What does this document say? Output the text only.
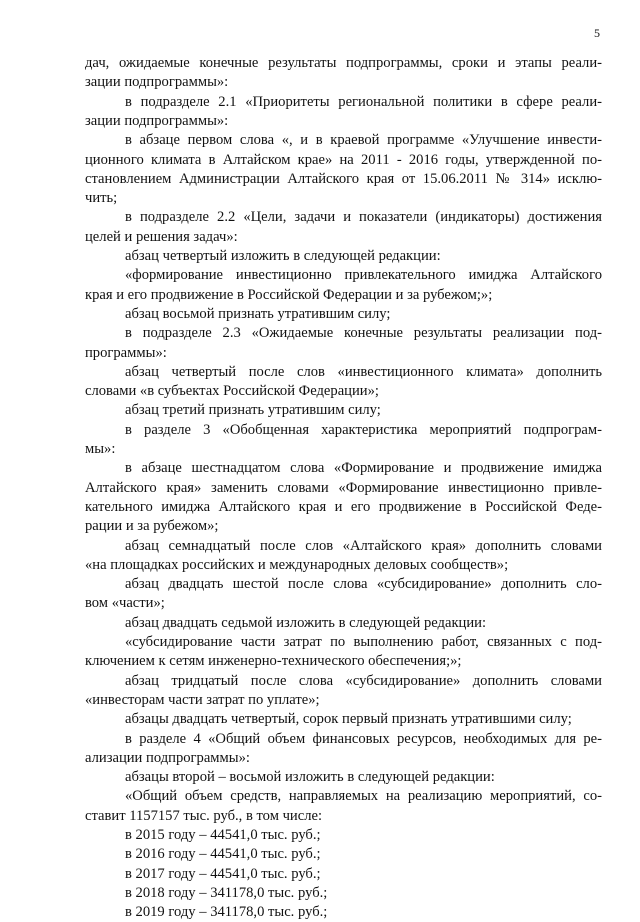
5
дач, ожидаемые конечные результаты подпрограммы, сроки и этапы реали-
зации подпрограммы»:
в подразделе 2.1 «Приоритеты региональной политики в сфере реали-
зации подпрограммы»:
в абзаце первом слова «, и в краевой программе «Улучшение инвести-
ционного климата в Алтайском крае» на 2011 - 2016 годы, утвержденной по-
становлением Администрации Алтайского края от 15.06.2011 № 314» исклю-
чить;
в подразделе 2.2 «Цели, задачи и показатели (индикаторы) достижения
целей и решения задач»:
абзац четвертый изложить в следующей редакции:
«формирование инвестиционно привлекательного имиджа Алтайского
края и его продвижение в Российской Федерации и за рубежом;»;
абзац восьмой признать утратившим силу;
в подразделе 2.3 «Ожидаемые конечные результаты реализации под-
программы»:
абзац четвертый после слов «инвестиционного климата» дополнить
словами «в субъектах Российской Федерации»;
абзац третий признать утратившим силу;
в разделе 3 «Обобщенная характеристика мероприятий подпрограм-
мы»:
в абзаце шестнадцатом слова «Формирование и продвижение имиджа
Алтайского края» заменить словами «Формирование инвестиционно привле-
кательного имиджа Алтайского края и его продвижение в Российской Феде-
рации и за рубежом»;
абзац семнадцатый после слов «Алтайского края» дополнить словами
«на площадках российских и международных деловых сообществ»;
абзац двадцать шестой после слова «субсидирование» дополнить сло-
вом «части»;
абзац двадцать седьмой изложить в следующей редакции:
«субсидирование части затрат по выполнению работ, связанных с под-
ключением к сетям инженерно-технического обеспечения;»;
абзац тридцатый после слова «субсидирование» дополнить словами
«инвесторам части затрат по уплате»;
абзацы двадцать четвертый, сорок первый признать утратившими силу;
в разделе 4 «Общий объем финансовых ресурсов, необходимых для ре-
ализации подпрограммы»:
абзацы второй – восьмой изложить в следующей редакции:
«Общий объем средств, направляемых на реализацию мероприятий, со-
ставит 1157157 тыс. руб., в том числе:
в 2015 году – 44541,0 тыс. руб.;
в 2016 году – 44541,0 тыс. руб.;
в 2017 году – 44541,0 тыс. руб.;
в 2018 году – 341178,0 тыс. руб.;
в 2019 году – 341178,0 тыс. руб.;
